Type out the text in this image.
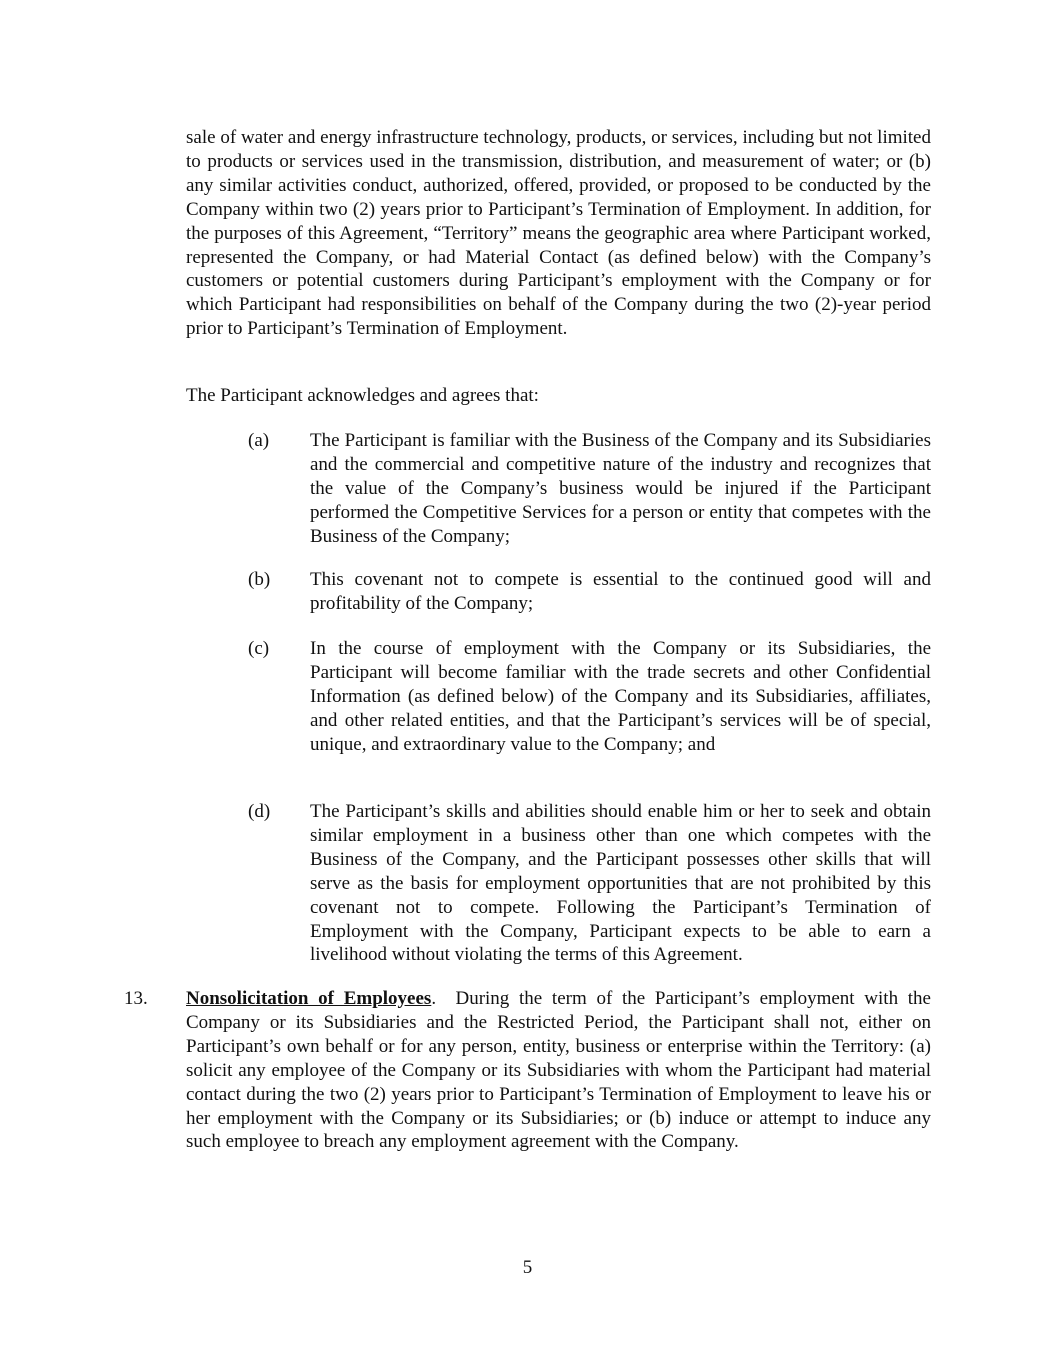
sale of water and energy infrastructure technology, products, or services, including but not limited to products or services used in the transmission, distribution, and measurement of water; or (b) any similar activities conduct, authorized, offered, provided, or proposed to be conducted by the Company within two (2) years prior to Participant’s Termination of Employment. In addition, for the purposes of this Agreement, “Territory” means the geographic area where Participant worked, represented the Company, or had Material Contact (as defined below) with the Company’s customers or potential customers during Participant’s employment with the Company or for which Participant had responsibilities on behalf of the Company during the two (2)-year period prior to Participant’s Termination of Employment.

The Participant acknowledges and agrees that:

(a) The Participant is familiar with the Business of the Company and its Subsidiaries and the commercial and competitive nature of the industry and recognizes that the value of the Company’s business would be injured if the Participant performed the Competitive Services for a person or entity that competes with the Business of the Company;

(b) This covenant not to compete is essential to the continued good will and profitability of the Company;

(c) In the course of employment with the Company or its Subsidiaries, the Participant will become familiar with the trade secrets and other Confidential Information (as defined below) of the Company and its Subsidiaries, affiliates, and other related entities, and that the Participant’s services will be of special, unique, and extraordinary value to the Company; and

(d) The Participant’s skills and abilities should enable him or her to seek and obtain similar employment in a business other than one which competes with the Business of the Company, and the Participant possesses other skills that will serve as the basis for employment opportunities that are not prohibited by this covenant not to compete. Following the Participant’s Termination of Employment with the Company, Participant expects to be able to earn a livelihood without violating the terms of this Agreement.

13. Nonsolicitation of Employees.  During the term of the Participant’s employment with the Company or its Subsidiaries and the Restricted Period, the Participant shall not, either on Participant’s own behalf or for any person, entity, business or enterprise within the Territory: (a) solicit any employee of the Company or its Subsidiaries with whom the Participant had material contact during the two (2) years prior to Participant’s Termination of Employment to leave his or her employment with the Company or its Subsidiaries; or (b) induce or attempt to induce any such employee to breach any employment agreement with the Company.

5
